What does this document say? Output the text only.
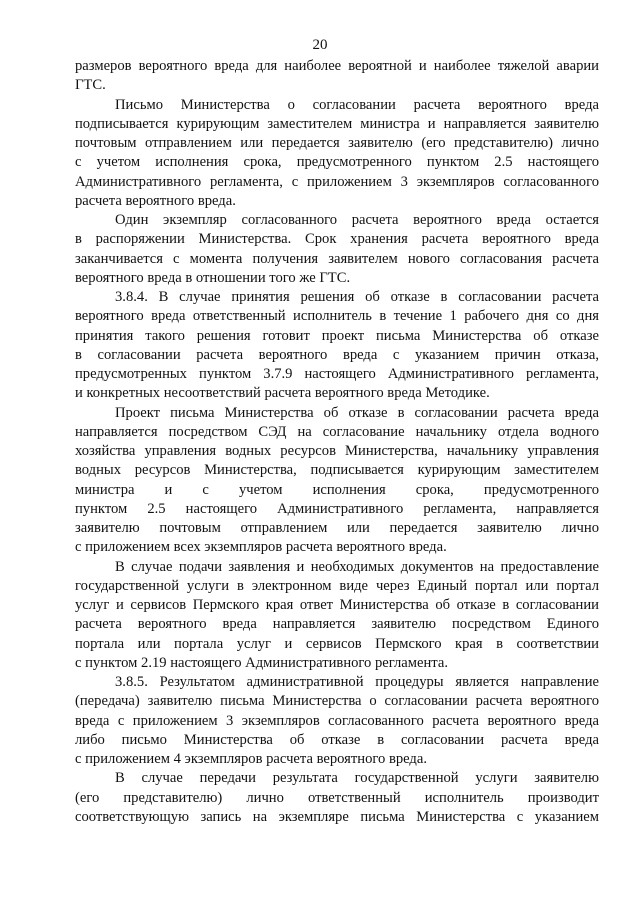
20
размеров вероятного вреда для наиболее вероятной и наиболее тяжелой аварии
ГТС.
Письмо Министерства о согласовании расчета вероятного вреда
подписывается курирующим заместителем министра и направляется заявителю
почтовым отправлением или передается заявителю (его представителю) лично
с учетом исполнения срока, предусмотренного пунктом 2.5 настоящего
Административного регламента, с приложением 3 экземпляров согласованного
расчета вероятного вреда.
Один экземпляр согласованного расчета вероятного вреда остается
в распоряжении Министерства. Срок хранения расчета вероятного вреда
заканчивается с момента получения заявителем нового согласования расчета
вероятного вреда в отношении того же ГТС.
3.8.4. В случае принятия решения об отказе в согласовании расчета
вероятного вреда ответственный исполнитель в течение 1 рабочего дня со дня
принятия такого решения готовит проект письма Министерства об отказе
в согласовании расчета вероятного вреда с указанием причин отказа,
предусмотренных пунктом 3.7.9 настоящего Административного регламента,
и конкретных несоответствий расчета вероятного вреда Методике.
Проект письма Министерства об отказе в согласовании расчета вреда
направляется посредством СЭД на согласование начальнику отдела водного
хозяйства управления водных ресурсов Министерства, начальнику управления
водных ресурсов Министерства, подписывается курирующим заместителем
министра и с учетом исполнения срока, предусмотренного
пунктом 2.5 настоящего Административного регламента, направляется
заявителю почтовым отправлением или передается заявителю лично
с приложением всех экземпляров расчета вероятного вреда.
В случае подачи заявления и необходимых документов на предоставление
государственной услуги в электронном виде через Единый портал или портал
услуг и сервисов Пермского края ответ Министерства об отказе в согласовании
расчета вероятного вреда направляется заявителю посредством Единого
портала или портала услуг и сервисов Пермского края в соответствии
с пунктом 2.19 настоящего Административного регламента.
3.8.5. Результатом административной процедуры является направление
(передача) заявителю письма Министерства о согласовании расчета вероятного
вреда с приложением 3 экземпляров согласованного расчета вероятного вреда
либо письмо Министерства об отказе в согласовании расчета вреда
с приложением 4 экземпляров расчета вероятного вреда.
В случае передачи результата государственной услуги заявителю
(его представителю) лично ответственный исполнитель производит
соответствующую запись на экземпляре письма Министерства с указанием
